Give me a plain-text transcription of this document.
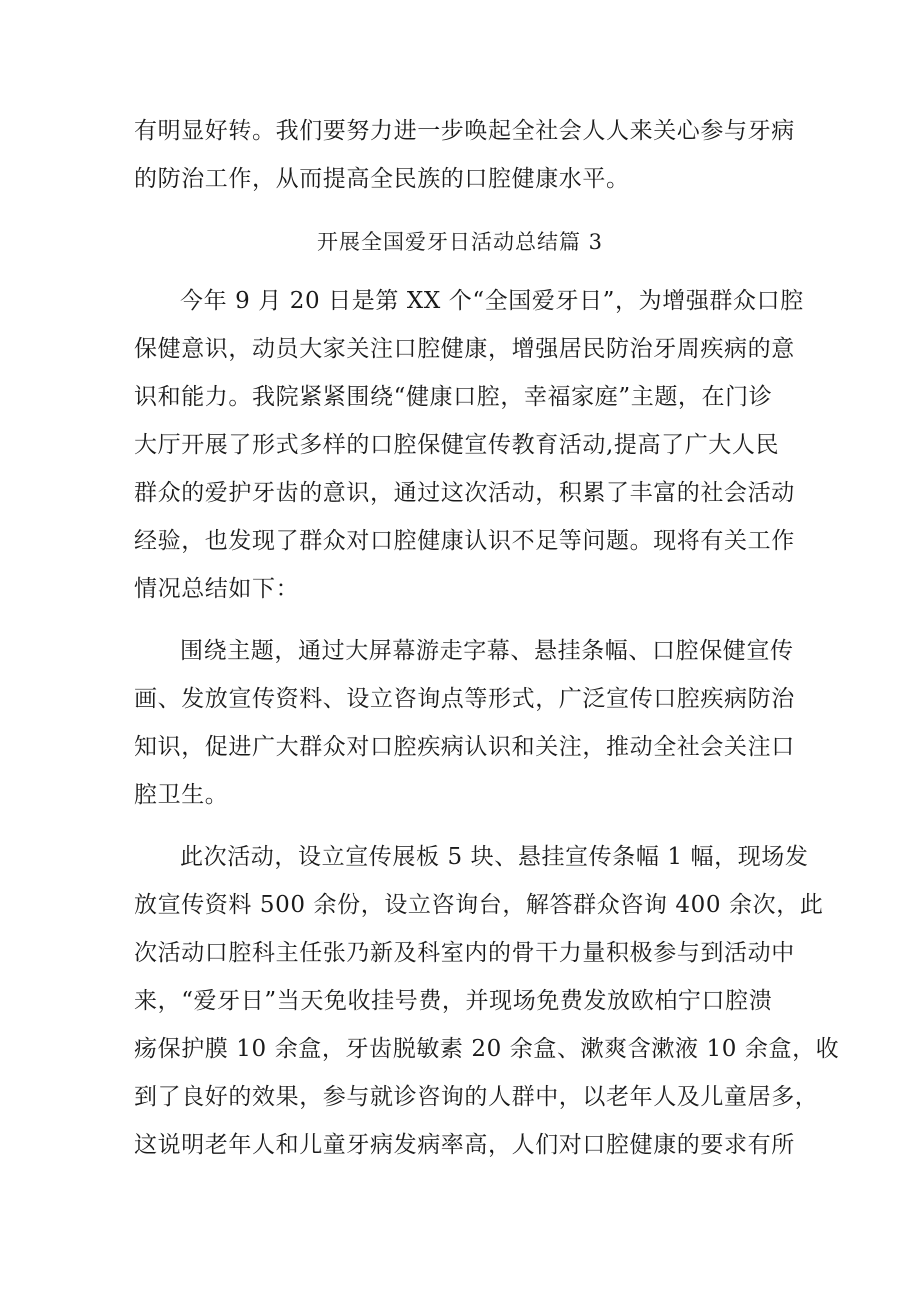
有明显好转。我们要努力进一步唤起全社会人人来关心参与牙病
的防治工作，从而提高全民族的口腔健康水平。
开展全国爱牙日活动总结篇 3
今年 9 月 20 日是第 XX 个“全国爱牙日”，为增强群众口腔
保健意识，动员大家关注口腔健康，增强居民防治牙周疾病的意
识和能力。我院紧紧围绕“健康口腔，幸福家庭”主题，在门诊
大厅开展了形式多样的口腔保健宣传教育活动,提高了广大人民
群众的爱护牙齿的意识，通过这次活动，积累了丰富的社会活动
经验，也发现了群众对口腔健康认识不足等问题。现将有关工作
情况总结如下：
围绕主题，通过大屏幕游走字幕、悬挂条幅、口腔保健宣传
画、发放宣传资料、设立咨询点等形式，广泛宣传口腔疾病防治
知识，促进广大群众对口腔疾病认识和关注，推动全社会关注口
腔卫生。
此次活动，设立宣传展板 5 块、悬挂宣传条幅 1 幅，现场发
放宣传资料 500 余份，设立咨询台，解答群众咨询 400 余次，此
次活动口腔科主任张乃新及科室内的骨干力量积极参与到活动中
来，“爱牙日”当天免收挂号费，并现场免费发放欧柏宁口腔溃
疡保护膜 10 余盒，牙齿脱敏素 20 余盒、漱爽含漱液 10 余盒，收
到了良好的效果，参与就诊咨询的人群中，以老年人及儿童居多，
这说明老年人和儿童牙病发病率高，人们对口腔健康的要求有所
